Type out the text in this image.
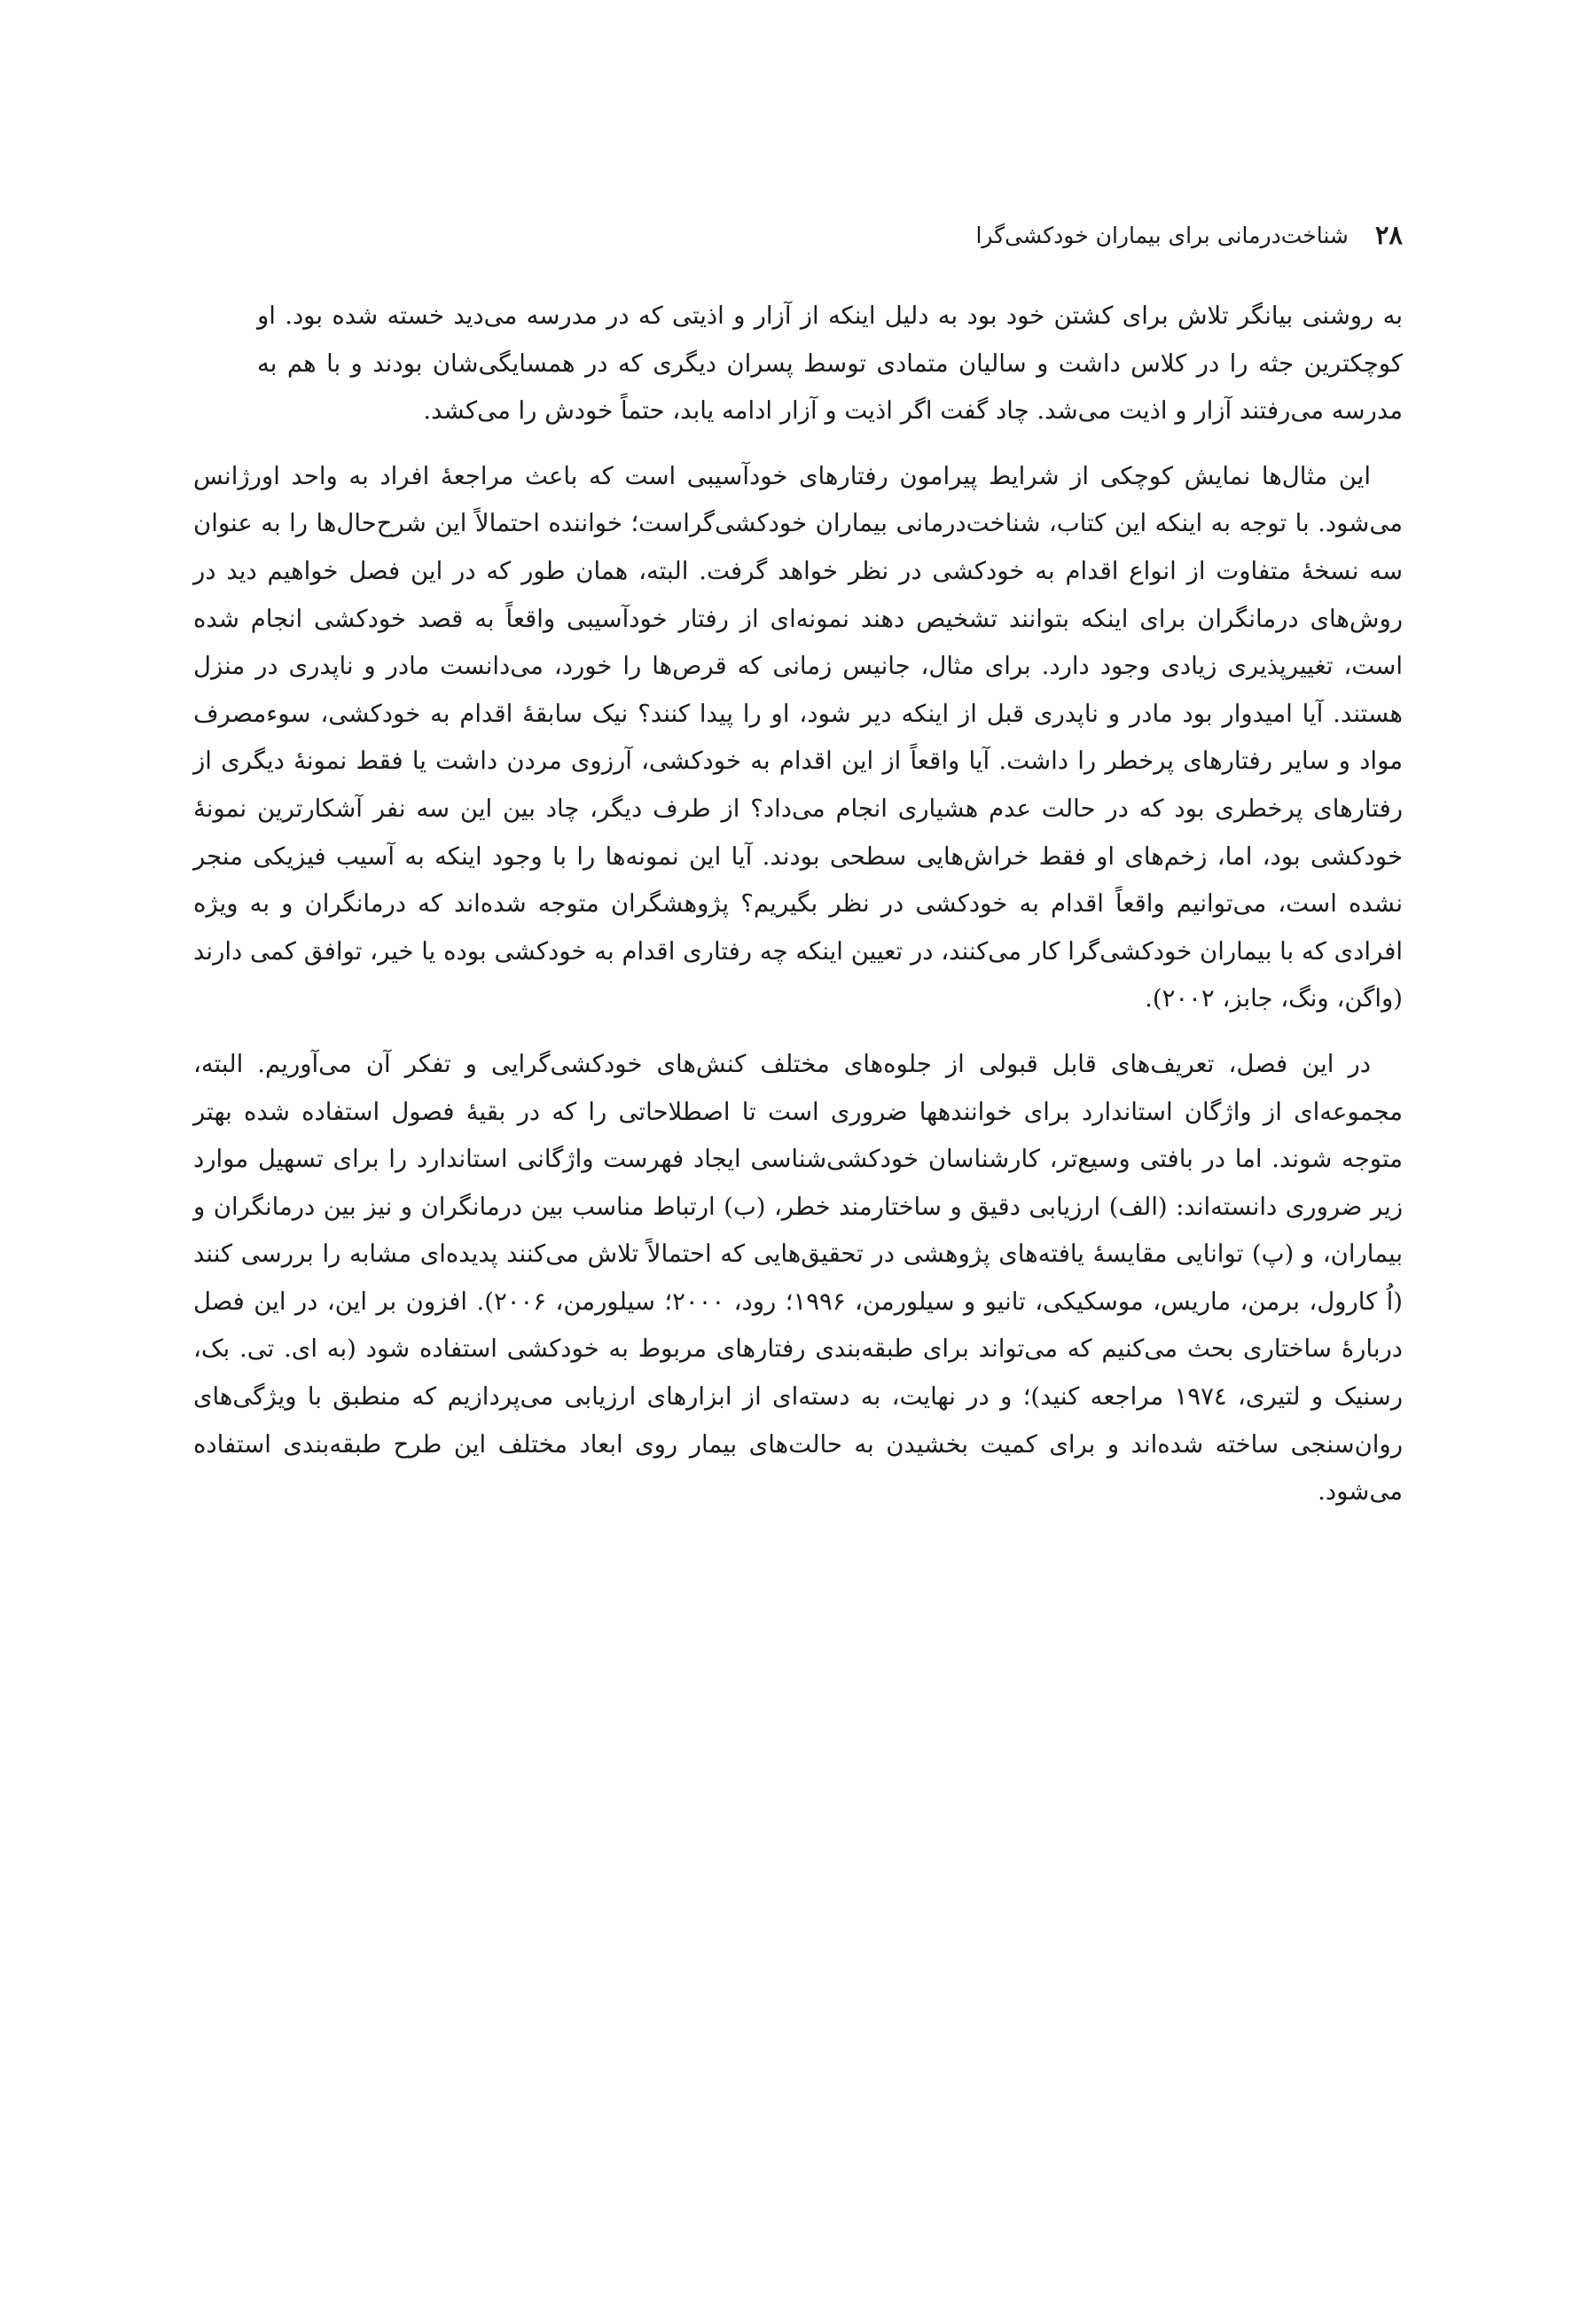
۲۸
شناخت‌درمانی برای بیماران خودکشی‌گرا

به روشنی بیانگر تلاش برای کشتن خود بود به دلیل اینکه از آزار و اذیتی که در مدرسه می‌دید خسته شده بود. او کوچکترین جثه را در کلاس داشت و سالیان متمادی توسط پسران دیگری که در همسایگی‌شان بودند و با هم به مدرسه می‌رفتند آزار و اذیت می‌شد. چاد گفت اگر اذیت و آزار ادامه یابد، حتماً خودش را می‌کشد.

این مثال‌ها نمایش کوچکی از شرایط پیرامون رفتارهای خودآسیبی است که باعث مراجعهٔ افراد به واحد اورژانس می‌شود. با توجه به اینکه این کتاب، شناخت‌درمانی بیماران خودکشی‌گراست؛ خواننده احتمالاً این شرح‌حال‌ها را به عنوان سه نسخهٔ متفاوت از انواع اقدام به خودکشی در نظر خواهد گرفت. البته، همان طور که در این فصل خواهیم دید در روش‌های درمانگران برای اینکه بتوانند تشخیص دهند نمونه‌ای از رفتار خودآسیبی واقعاً به قصد خودکشی انجام شده است، تغییرپذیری زیادی وجود دارد. برای مثال، جانیس زمانی که قرص‌ها را خورد، می‌دانست مادر و ناپدری در منزل هستند. آیا امیدوار بود مادر و ناپدری قبل از اینکه دیر شود، او را پیدا کنند؟ نیک سابقهٔ اقدام به خودکشی، سوءمصرف مواد و سایر رفتارهای پرخطر را داشت. آیا واقعاً از این اقدام به خودکشی، آرزوی مردن داشت یا فقط نمونهٔ دیگری از رفتارهای پرخطری بود که در حالت عدم هشیاری انجام می‌داد؟ از طرف دیگر، چاد بین این سه نفر آشکارترین نمونهٔ خودکشی بود، اما، زخم‌های او فقط خراش‌هایی سطحی بودند. آیا این نمونه‌ها را با وجود اینکه به آسیب فیزیکی منجر نشده است، می‌توانیم واقعاً اقدام به خودکشی در نظر بگیریم؟ پژوهشگران متوجه شده‌اند که درمانگران و به ویژه افرادی که با بیماران خودکشی‌گرا کار می‌کنند، در تعیین اینکه چه رفتاری اقدام به خودکشی بوده یا خیر، توافق کمی دارند (واگن، ونگ، جابز، ۲۰۰۲).

در این فصل، تعریف‌های قابل قبولی از جلوه‌های مختلف کنش‌های خودکشی‌گرایی و تفکر آن می‌آوریم. البته، مجموعه‌ای از واژگان استاندارد برای خوانندهها ضروری است تا اصطلاحاتی را که در بقیهٔ فصول استفاده شده بهتر متوجه شوند. اما در بافتی وسیع‌تر، کارشناسان خودکشی‌شناسی ایجاد فهرست واژگانی استاندارد را برای تسهیل موارد زیر ضروری دانسته‌اند: (الف) ارزیابی دقیق و ساختارمند خطر، (ب) ارتباط مناسب بین درمانگران و نیز بین درمانگران و بیماران، و (پ) توانایی مقایسهٔ یافته‌های پژوهشی در تحقیق‌هایی که احتمالاً تلاش می‌کنند پدیده‌ای مشابه را بررسی کنند (اُ کارول، برمن، ماریس، موسکیکی، تانیو و سیلورمن، ۱۹۹۶؛ رود، ۲۰۰۰؛ سیلورمن، ۲۰۰۶). افزون بر این، در این فصل دربارهٔ ساختاری بحث می‌کنیم که می‌تواند برای طبقه‌بندی رفتارهای مربوط به خودکشی استفاده شود (به ای. تی. بک، رسنیک و لتیری، ۱۹۷٤ مراجعه کنید)؛ و در نهایت، به دسته‌ای از ابزارهای ارزیابی می‌پردازیم که منطبق با ویژگی‌های روان‌سنجی ساخته شده‌اند و برای کمیت بخشیدن به حالت‌های بیمار روی ابعاد مختلف این طرح طبقه‌بندی استفاده می‌شود.
